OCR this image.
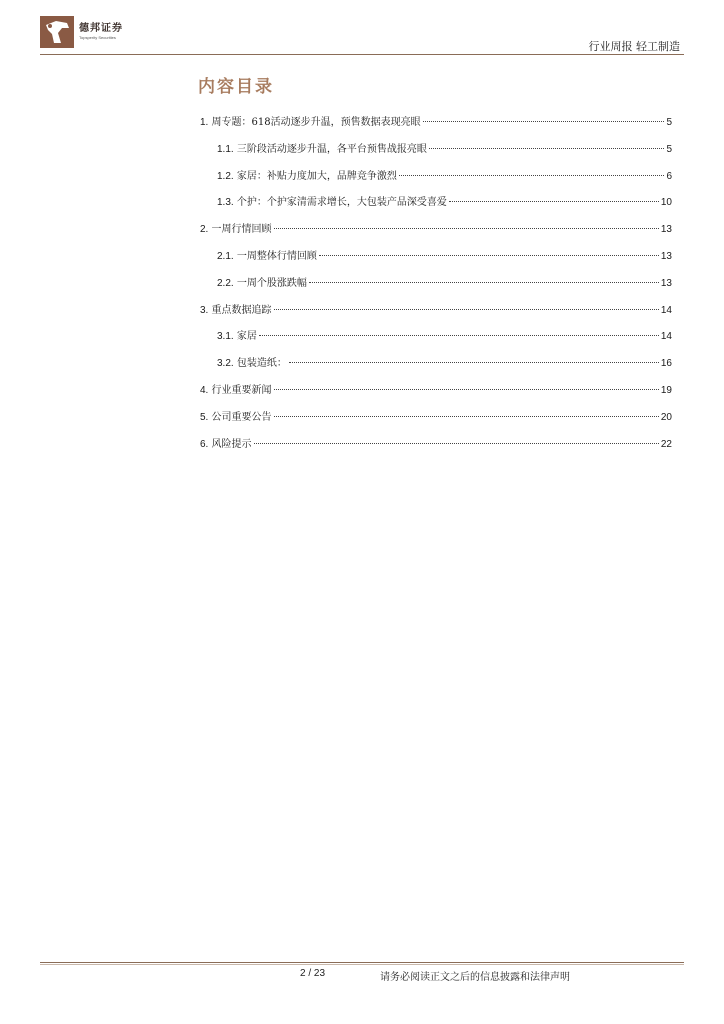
德邦证券
Topsperity Securities
行业周报 轻工制造
内容目录
1. 周专题：618活动逐步升温，预售数据表现亮眼	5
1.1. 三阶段活动逐步升温，各平台预售战报亮眼	5
1.2. 家居：补贴力度加大，品牌竞争激烈	6
1.3. 个护：个护家清需求增长，大包装产品深受喜爱	10
2. 一周行情回顾	13
2.1. 一周整体行情回顾	13
2.2. 一周个股涨跌幅	13
3. 重点数据追踪	14
3.1. 家居	14
3.2. 包装造纸：	16
4. 行业重要新闻	19
5. 公司重要公告	20
6. 风险提示	22
2 / 23	请务必阅读正文之后的信息披露和法律声明
